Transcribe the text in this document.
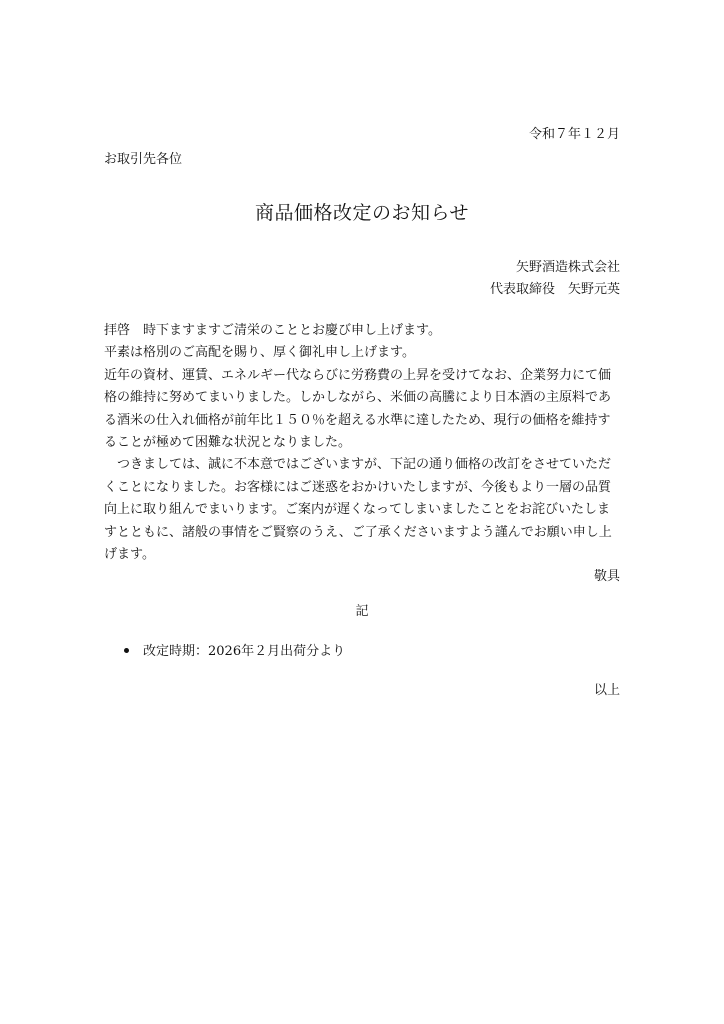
令和７年１２月
お取引先各位
商品価格改定のお知らせ
矢野酒造株式会社
代表取締役　矢野元英

拝啓　時下ますますご清栄のこととお慶び申し上げます。

平素は格別のご高配を賜り、厚く御礼申し上げます。

近年の資材、運賃、エネルギー代ならびに労務費の上昇を受けてなお、企業努力にて価格の維持に努めてまいりました。しかしながら、米価の高騰により日本酒の主原料である酒米の仕入れ価格が前年比１５０％を超える水準に達したため、現行の価格を維持することが極めて困難な状況となりました。

つきましては、誠に不本意ではございますが、下記の通り価格の改訂をさせていただくことになりました。お客様にはご迷惑をおかけいたしますが、今後もより一層の品質向上に取り組んでまいります。ご案内が遅くなってしまいましたことをお詫びいたしますとともに、諸般の事情をご賢察のうえ、ご了承くださいますよう謹んでお願い申し上げます。

敬具

記
改定時期：2026年２月出荷分より
以上
